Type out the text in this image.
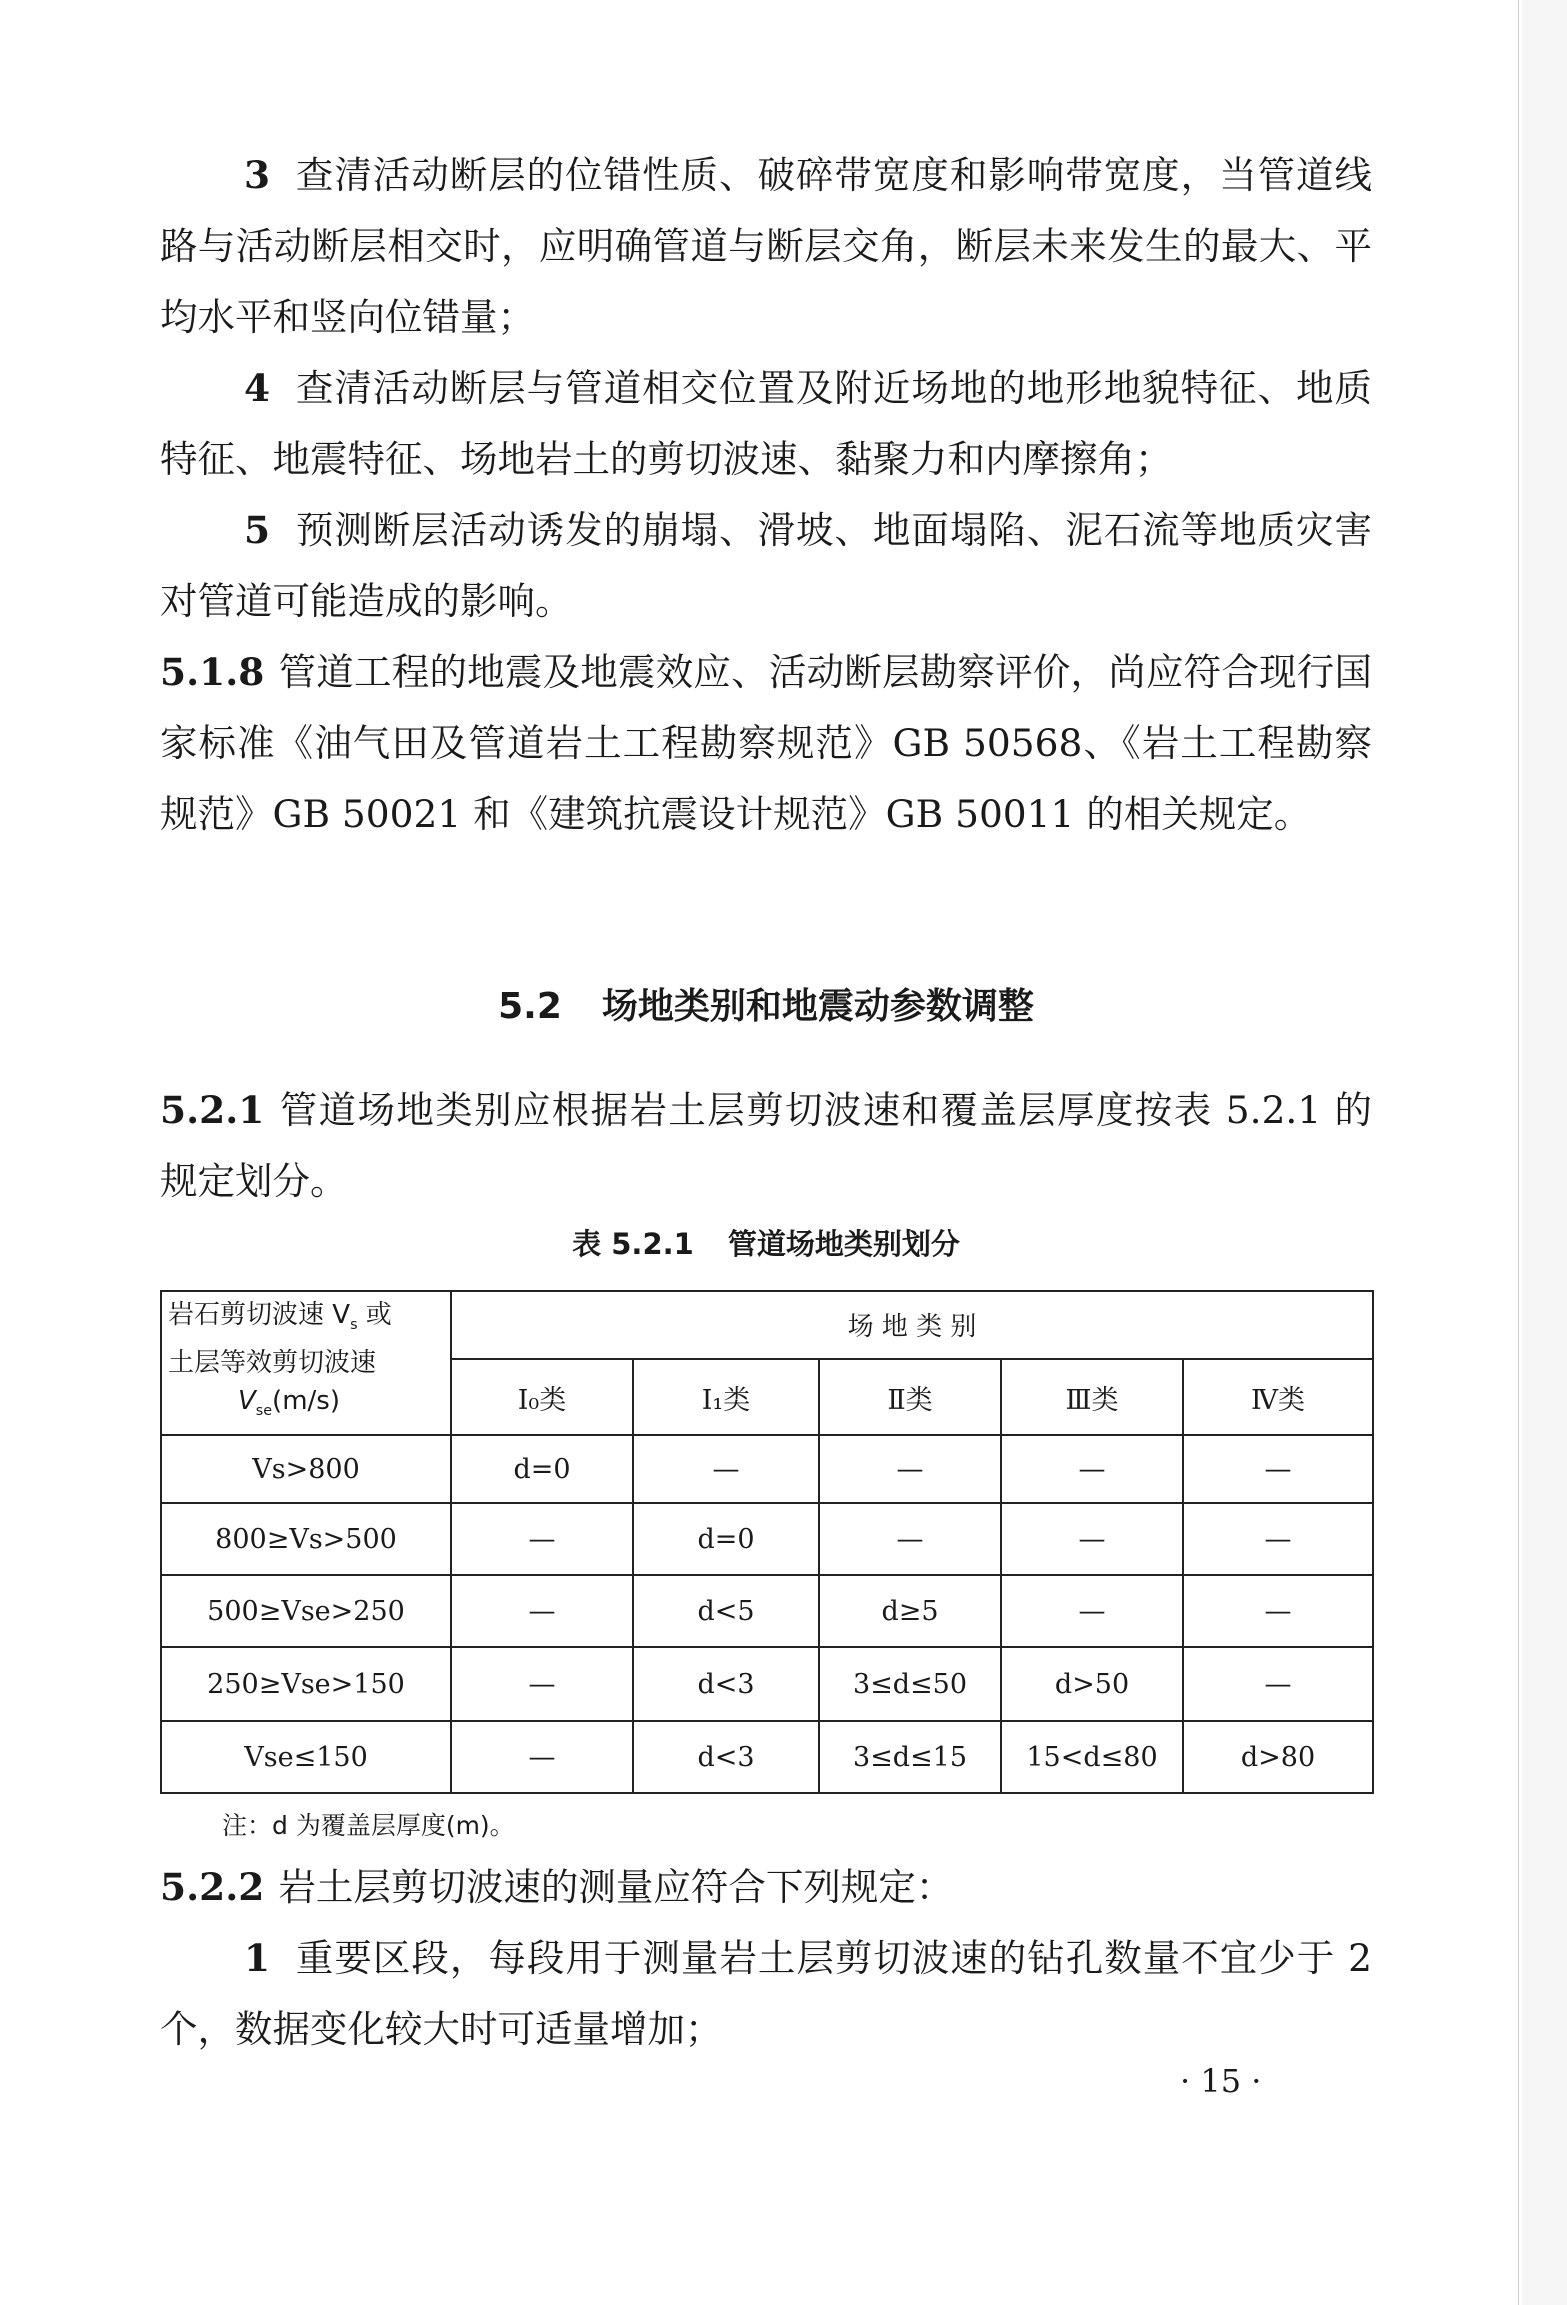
3 查清活动断层的位错性质、破碎带宽度和影响带宽度，当管道线路与活动断层相交时，应明确管道与断层交角，断层未来发生的最大、平均水平和竖向位错量；

4 查清活动断层与管道相交位置及附近场地的地形地貌特征、地质特征、地震特征、场地岩土的剪切波速、黏聚力和内摩擦角；

5 预测断层活动诱发的崩塌、滑坡、地面塌陷、泥石流等地质灾害对管道可能造成的影响。

5.1.8 管道工程的地震及地震效应、活动断层勘察评价，尚应符合现行国家标准《油气田及管道岩土工程勘察规范》GB 50568、《岩土工程勘察规范》GB 50021 和《建筑抗震设计规范》GB 50011 的相关规定。

5.2 场地类别和地震动参数调整

5.2.1 管道场地类别应根据岩土层剪切波速和覆盖层厚度按表 5.2.1 的规定划分。

表 5.2.1 管道场地类别划分

岩石剪切波速 $V_s$ 或
土层等效剪切波速
$V_{se}(m/s)$	场 地 类 别				
	I₀类	I₁类	Ⅱ类	Ⅲ类	Ⅳ类
Vs>800	d=0	—	—	—	—
800≥Vs>500	—	d=0	—	—	—
500≥Vse>250	—	d<5	d≥5	—	—
250≥Vse>150	—	d<3	3≤d≤50	d>50	—
Vse≤150	—	d<3	3≤d≤15	15<d≤80	d>80

注：d 为覆盖层厚度(m)。

5.2.2 岩土层剪切波速的测量应符合下列规定：

1 重要区段，每段用于测量岩土层剪切波速的钻孔数量不宜少于 2 个，数据变化较大时可适量增加；

· 15 ·
